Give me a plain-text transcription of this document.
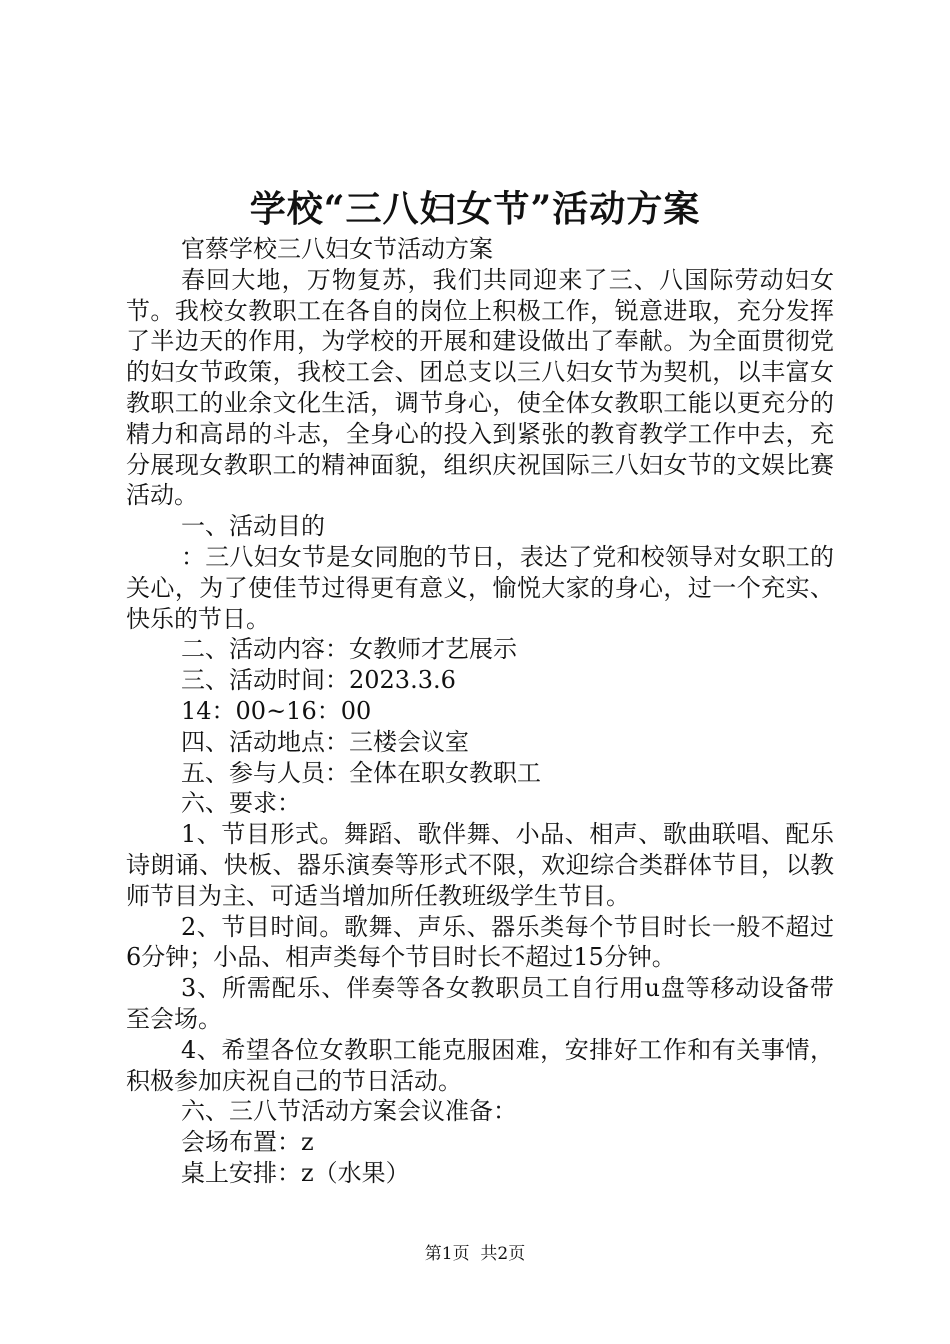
学校“三八妇女节”活动方案

官蔡学校三八妇女节活动方案

春回大地，万物复苏，我们共同迎来了三、八国际劳动妇女节。我校女教职工在各自的岗位上积极工作，锐意进取，充分发挥了半边天的作用，为学校的开展和建设做出了奉献。为全面贯彻党的妇女节政策，我校工会、团总支以三八妇女节为契机，以丰富女教职工的业余文化生活，调节身心，使全体女教职工能以更充分的精力和高昂的斗志，全身心的投入到紧张的教育教学工作中去，充分展现女教职工的精神面貌，组织庆祝国际三八妇女节的文娱比赛活动。

一、活动目的

：三八妇女节是女同胞的节日，表达了党和校领导对女职工的关心，为了使佳节过得更有意义，愉悦大家的身心，过一个充实、快乐的节日。

二、活动内容：女教师才艺展示

三、活动时间：2023.3.6

14：00~16：00

四、活动地点：三楼会议室

五、参与人员：全体在职女教职工

六、要求：

1、节目形式。舞蹈、歌伴舞、小品、相声、歌曲联唱、配乐诗朗诵、快板、器乐演奏等形式不限，欢迎综合类群体节目，以教师节目为主、可适当增加所任教班级学生节目。

2、节目时间。歌舞、声乐、器乐类每个节目时长一般不超过6分钟；小品、相声类每个节目时长不超过15分钟。

3、所需配乐、伴奏等各女教职员工自行用u盘等移动设备带至会场。

4、希望各位女教职工能克服困难，安排好工作和有关事情，积极参加庆祝自己的节日活动。

六、三八节活动方案会议准备：

会场布置：z

桌上安排：z（水果）

第1页  共2页
